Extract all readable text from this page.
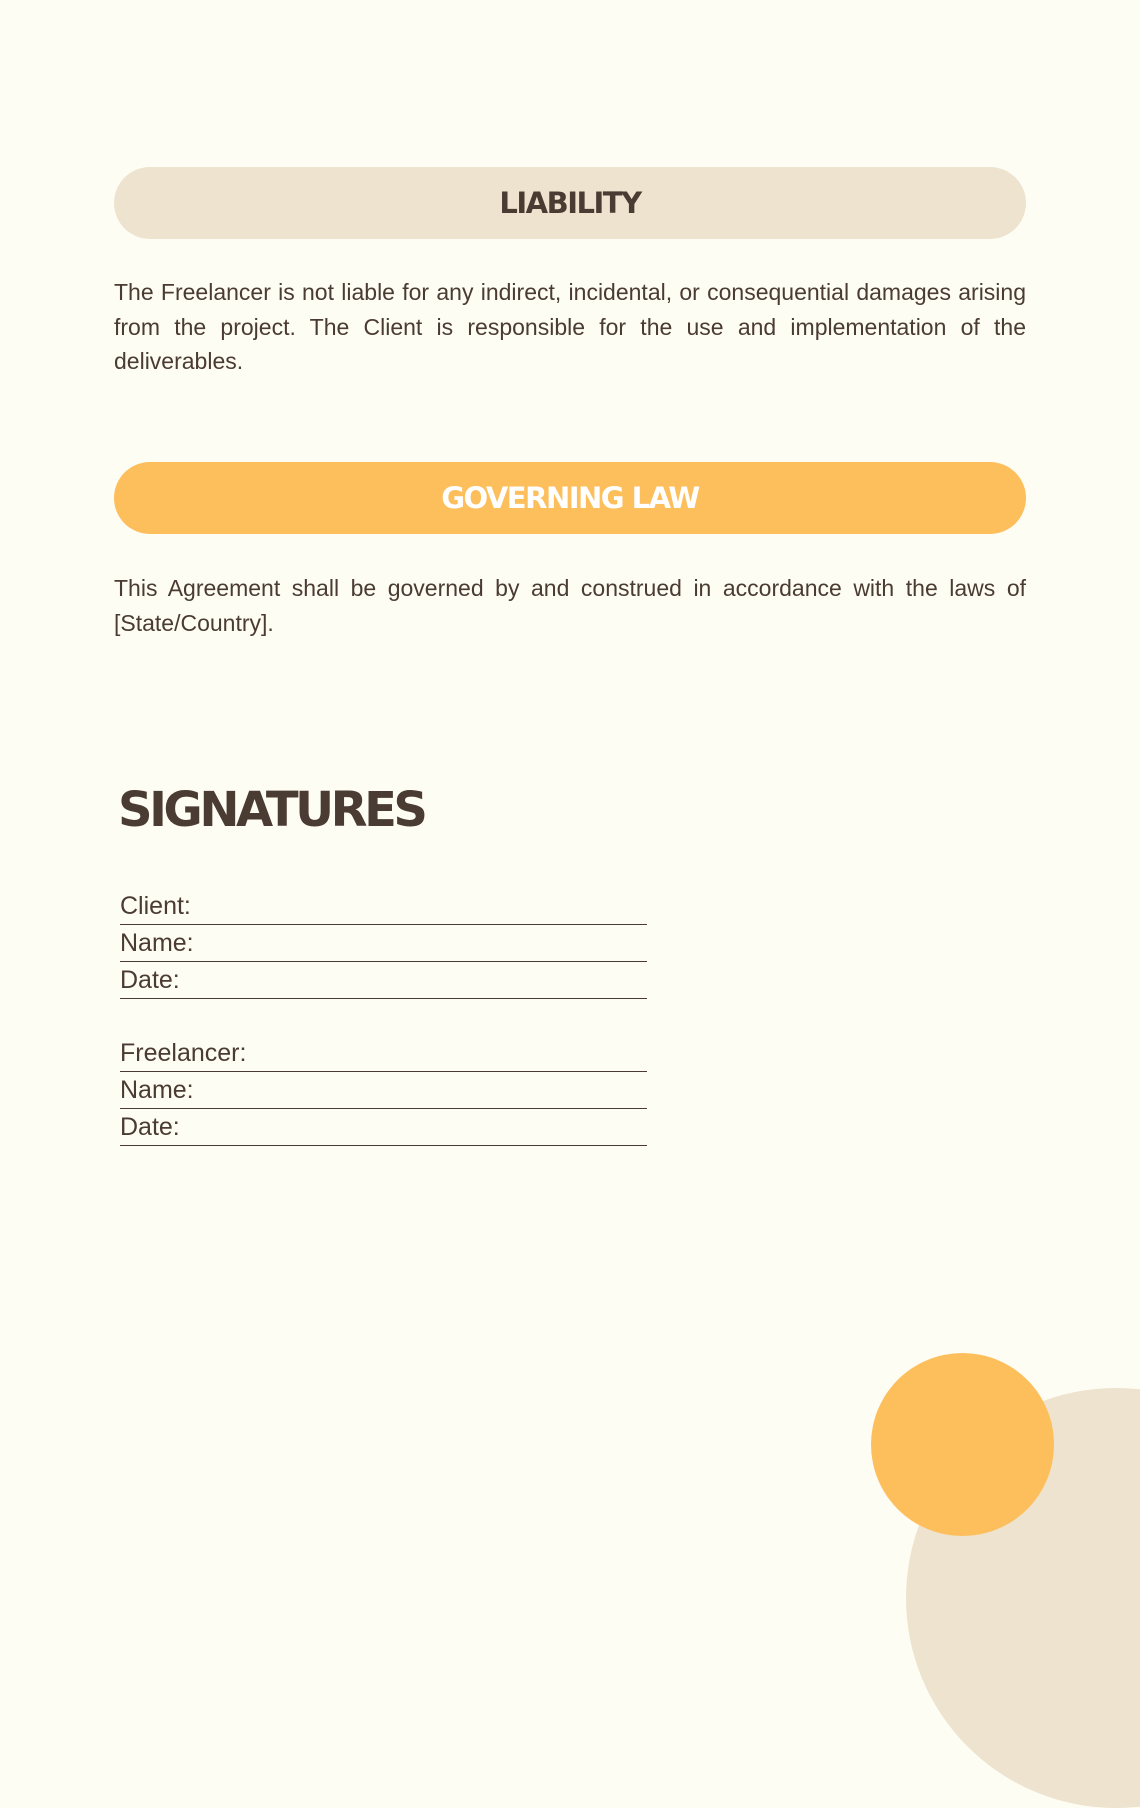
LIABILITY

The Freelancer is not liable for any indirect, incidental, or consequential damages arising from the project. The Client is responsible for the use and implementation of the deliverables.

GOVERNING LAW

This Agreement shall be governed by and construed in accordance with the laws of [State/Country].

SIGNATURES
Client:
Name:
Date:
Freelancer:
Name:
Date:
